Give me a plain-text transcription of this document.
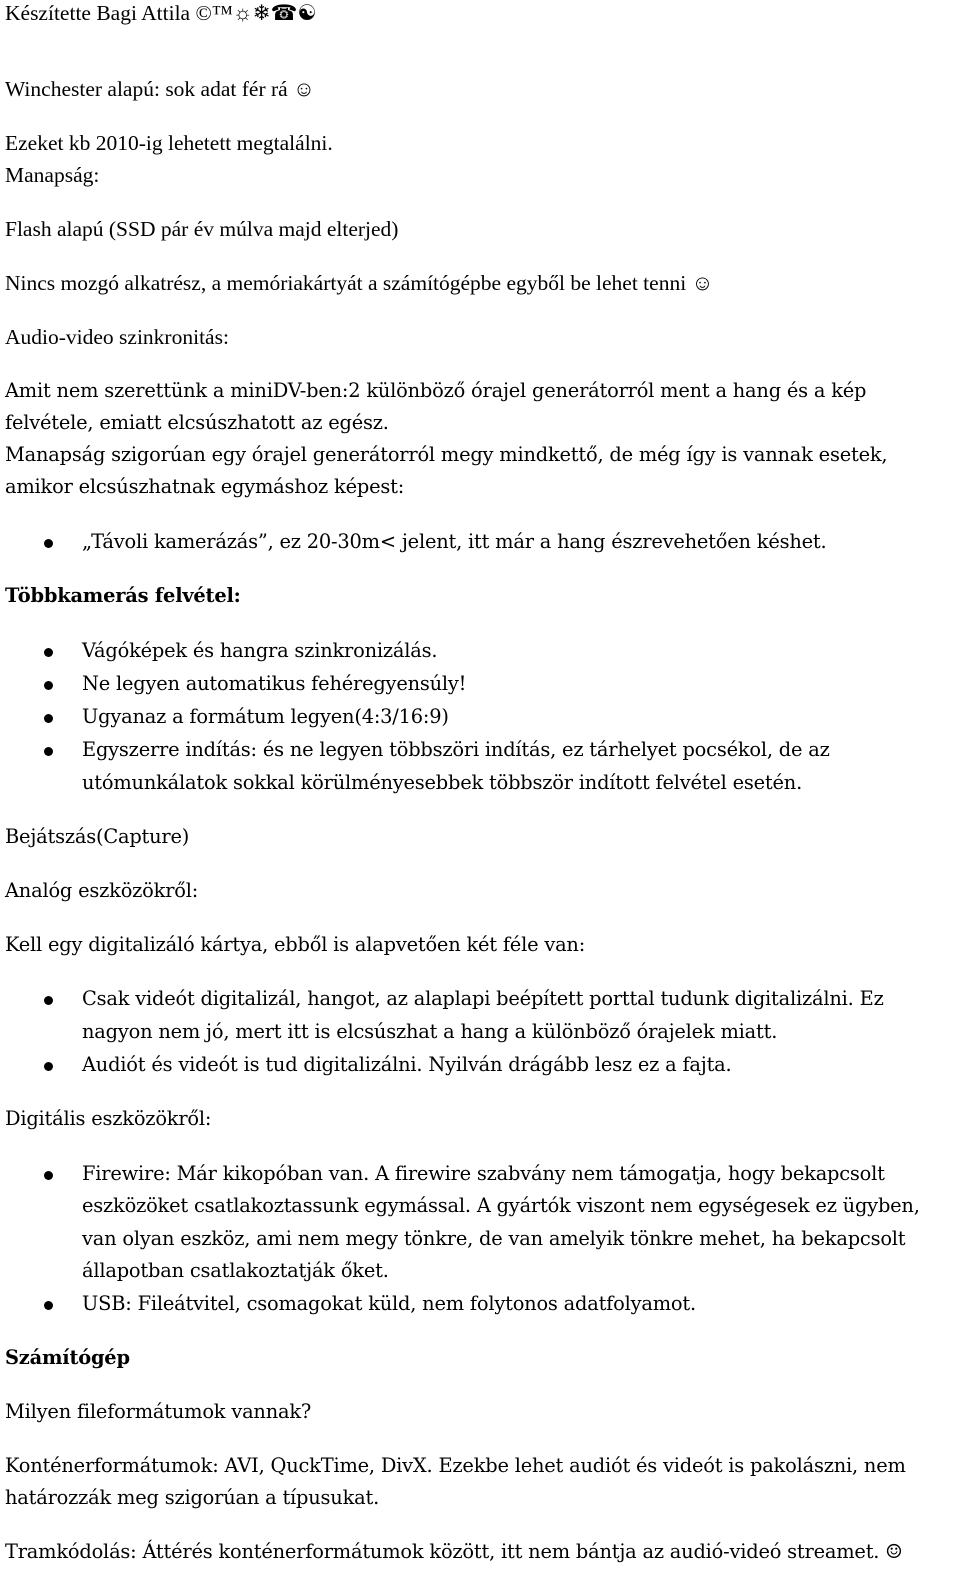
Készítette Bagi Attila ©™☼❄☎☯

Winchester alapú: sok adat fér rá ☺

Ezeket kb 2010-ig lehetett megtalálni.

Manapság:

Flash alapú (SSD pár év múlva majd elterjed)

Nincs mozgó alkatrész, a memóriakártyát a számítógépbe egyből be lehet tenni ☺

Audio-video szinkronitás:

Amit nem szerettünk a miniDV-ben:2 különböző órajel generátorról ment a hang és a kép

felvétele, emiatt elcsúszhatott az egész.

Manapság szigorúan egy órajel generátorról megy mindkettő, de még így is vannak esetek,

amikor elcsúszhatnak egymáshoz képest:

„Távoli kamerázás”, ez 20-30m< jelent, itt már a hang észrevehetően késhet.

Többkamerás felvétel:

Vágóképek és hangra szinkronizálás.

Ne legyen automatikus fehéregyensúly!

Ugyanaz a formátum legyen(4:3/16:9)

Egyszerre indítás: és ne legyen többszöri indítás, ez tárhelyet pocsékol, de az

utómunkálatok sokkal körülményesebbek többször indított felvétel esetén.

Bejátszás(Capture)

Analóg eszközökről:

Kell egy digitalizáló kártya, ebből is alapvetően két féle van:

Csak videót digitalizál, hangot, az alaplapi beépített porttal tudunk digitalizálni. Ez

nagyon nem jó, mert itt is elcsúszhat a hang a különböző órajelek miatt.

Audiót és videót is tud digitalizálni. Nyilván drágább lesz ez a fajta.

Digitális eszközökről:

Firewire: Már kikopóban van. A firewire szabvány nem támogatja, hogy bekapcsolt

eszközöket csatlakoztassunk egymással. A gyártók viszont nem egységesek ez ügyben,

van olyan eszköz, ami nem megy tönkre, de van amelyik tönkre mehet, ha bekapcsolt

állapotban csatlakoztatják őket.

USB: Fileátvitel, csomagokat küld, nem folytonos adatfolyamot.

Számítógép

Milyen fileformátumok vannak?

Konténerformátumok: AVI, QuckTime, DivX. Ezekbe lehet audiót és videót is pakolászni, nem

határozzák meg szigorúan a típusukat.

Tramkódolás: Áttérés konténerformátumok között, itt nem bántja az audió-videó streamet. ☺
